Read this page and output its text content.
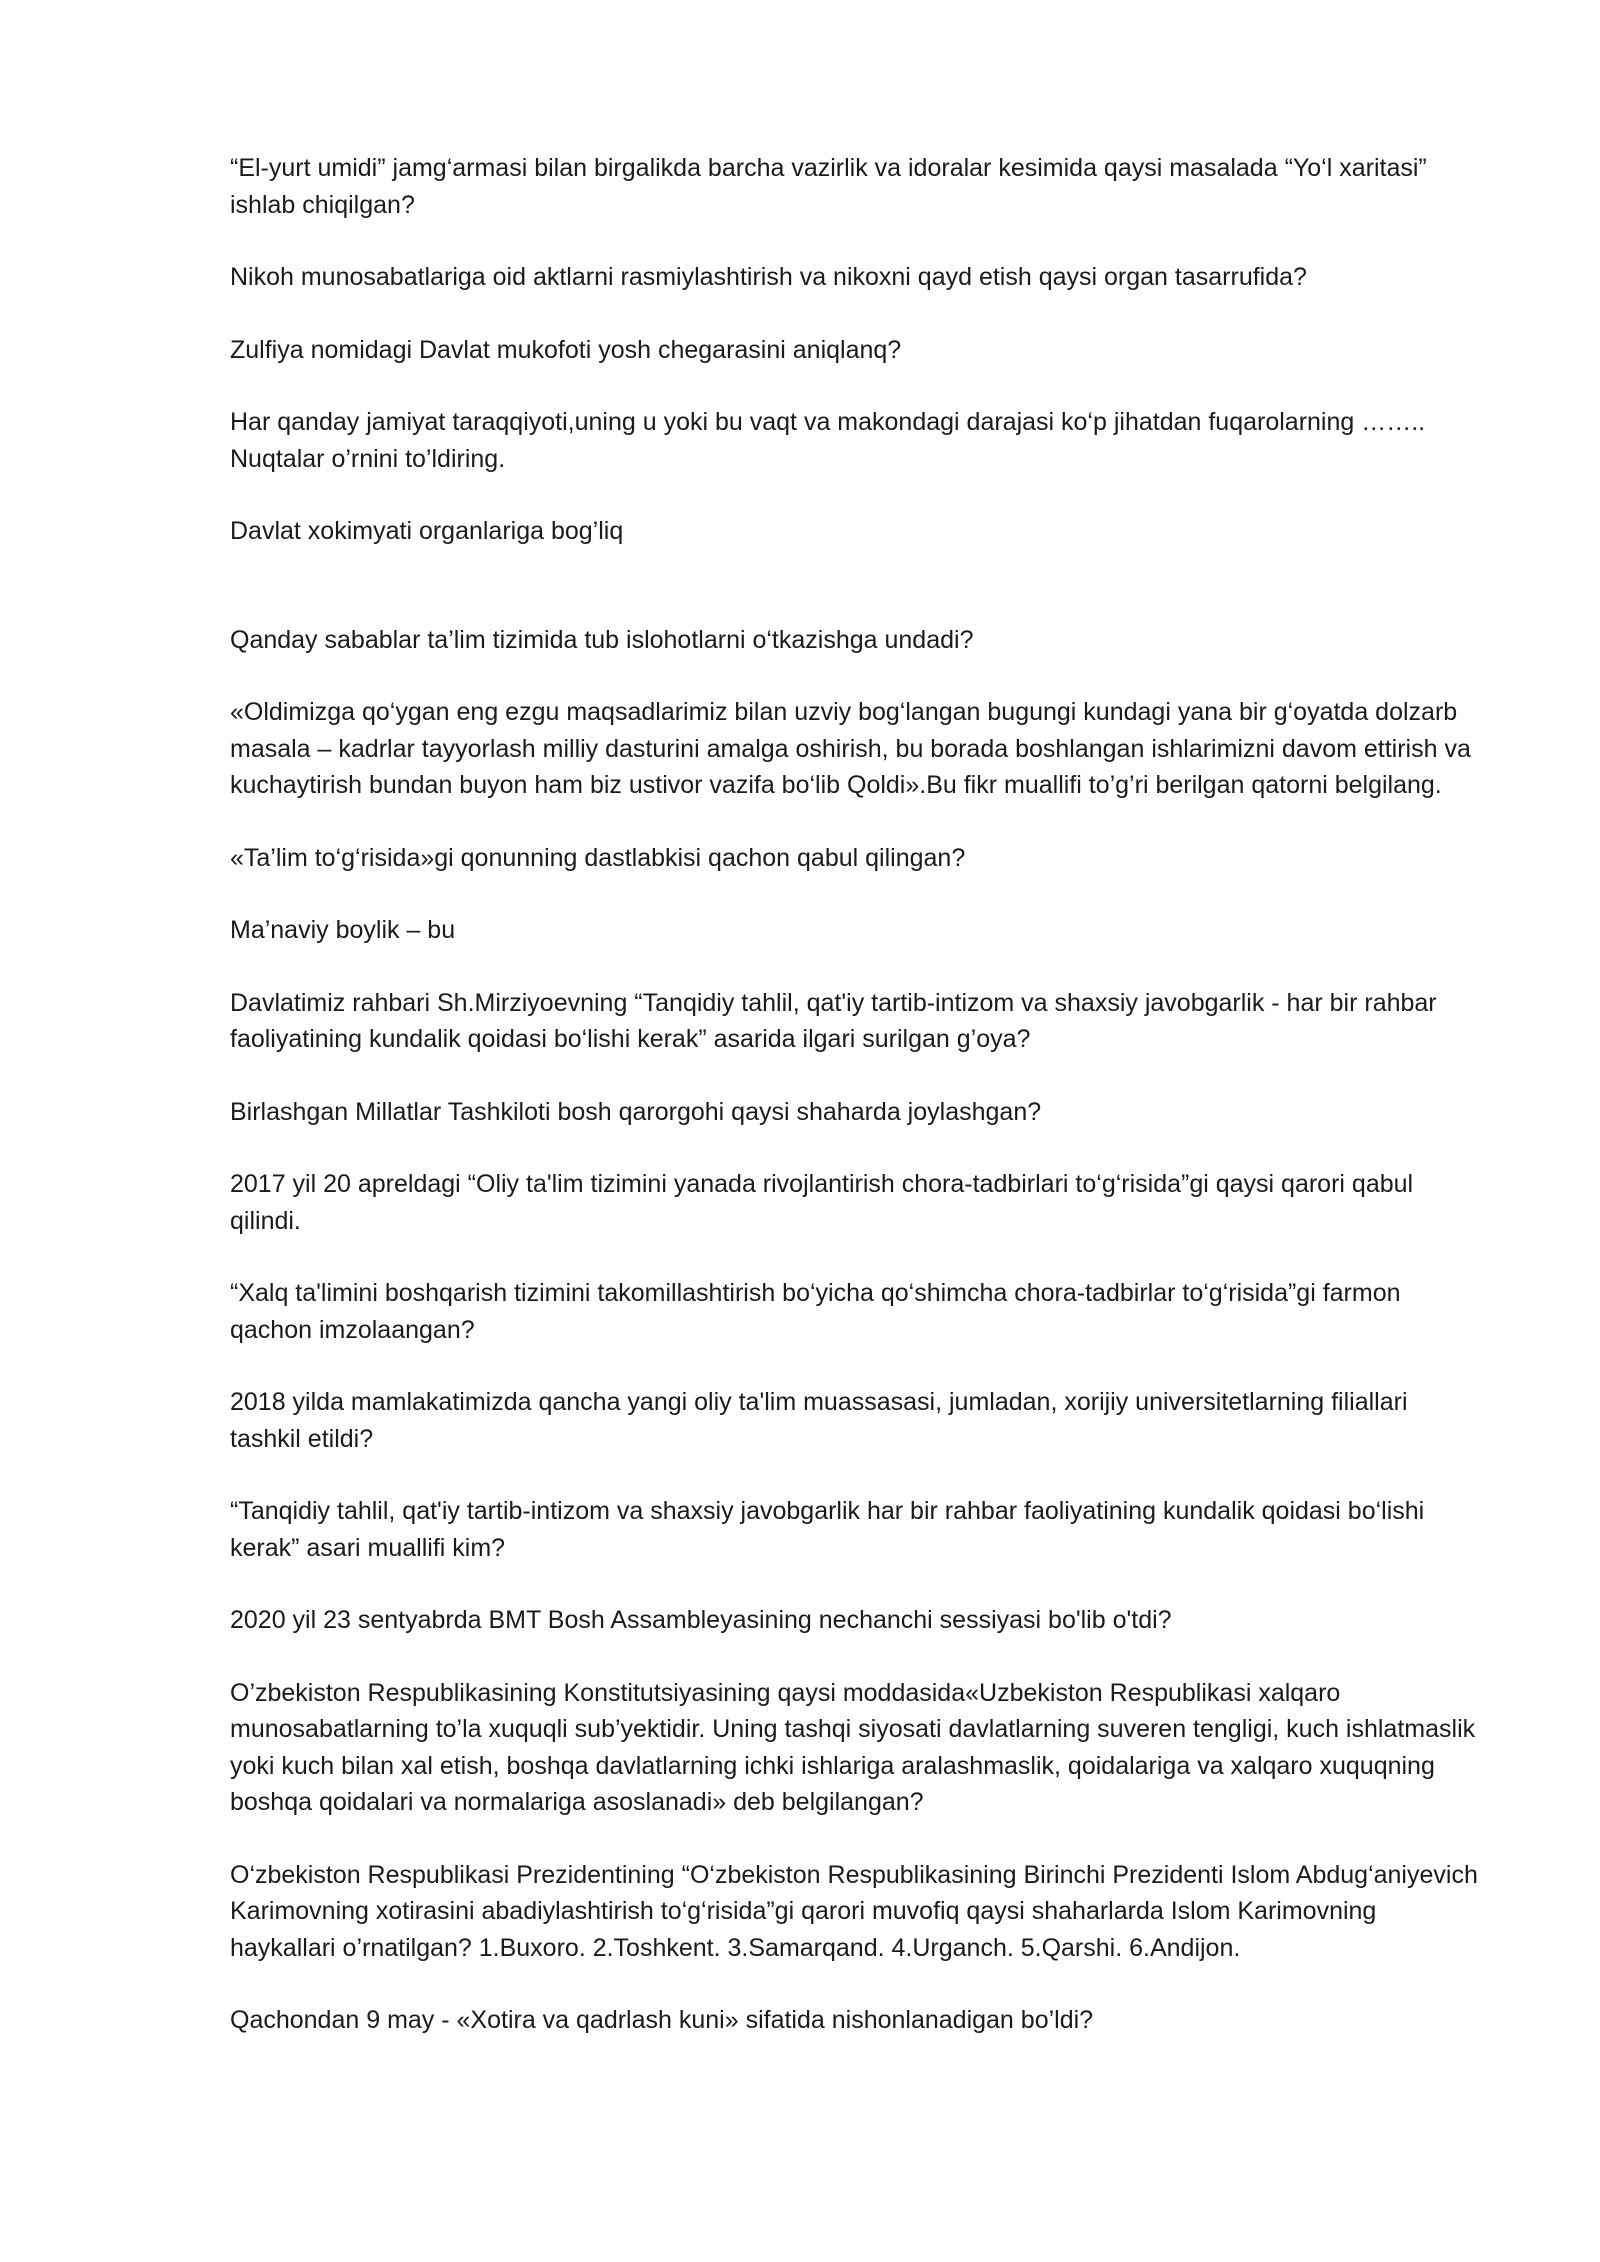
“El-yurt umidi” jamg‘armasi bilan birgalikda barcha vazirlik va idoralar kesimida qaysi masalada “Yo‘l xaritasi” ishlab chiqilgan?

Nikoh munosabatlariga oid aktlarni rasmiylashtirish va nikoxni qayd etish qaysi organ tasarrufida?

Zulfiya nomidagi Davlat mukofoti yosh chegarasini aniqlanq?

Har qanday jamiyat taraqqiyoti,uning u yoki bu vaqt va makondagi darajasi ko‘p jihatdan fuqarolarning …….. Nuqtalar o’rnini to’ldiring.

Davlat xokimyati organlariga bog’liq

Qanday sabablar ta’lim tizimida tub islohotlarni o‘tkazishga undadi?

«Oldimizga qo‘ygan eng ezgu maqsadlarimiz bilan uzviy bog‘langan bugungi kundagi yana bir g‘oyatda dolzarb masala – kadrlar tayyorlash milliy dasturini amalga oshirish, bu borada boshlangan ishlarimizni davom ettirish va kuchaytirish bundan buyon ham biz ustivor vazifa bo‘lib Qoldi».Bu fikr muallifi to’g’ri berilgan qatorni belgilang.

«Ta’lim to‘g‘risida»gi qonunning dastlabkisi qachon qabul qilingan?

Ma’naviy boylik – bu

Davlatimiz rahbari Sh.Mirziyoevning “Tanqidiy tahlil, qat'iy tartib-intizom va shaxsiy javobgarlik - har bir rahbar faoliyatining kundalik qoidasi bo‘lishi kerak” asarida ilgari surilgan g’oya?

Birlashgan Millatlar Tashkiloti bosh qarorgohi qaysi shaharda joylashgan?

2017 yil 20 apreldagi “Oliy ta'lim tizimini yanada rivojlantirish chora-tadbirlari to‘g‘risida”gi qaysi qarori qabul qilindi.

“Xalq ta'limini boshqarish tizimini takomillashtirish bo‘yicha qo‘shimcha chora-tadbirlar to‘g‘risida”gi farmon qachon imzolaangan?

2018 yilda mamlakatimizda qancha yangi oliy ta'lim muassasasi, jumladan, xorijiy universitetlarning filiallari tashkil etildi?

“Tanqidiy tahlil, qat'iy tartib-intizom va shaxsiy javobgarlik har bir rahbar faoliyatining kundalik qoidasi bo‘lishi kerak” asari muallifi kim?

2020 yil 23 sentyabrda BMT Bosh Assambleyasining nechanchi sessiyasi bo'lib o'tdi?

O’zbekiston Respublikasining Konstitutsiyasining qaysi moddasida«Uzbekiston Respublikasi xalqaro munosabatlarning to’la xuquqli sub’yektidir. Uning tashqi siyosati davlatlarning suveren tengligi, kuch ishlatmaslik yoki kuch bilan xal etish, boshqa davlatlarning ichki ishlariga aralashmaslik, qoidalariga va xalqaro xuquqning boshqa qoidalari va normalariga asoslanadi» deb belgilangan?

O‘zbekiston Respublikasi Prezidentining “O‘zbekiston Respublikasining Birinchi Prezidenti Islom Abdug‘aniyevich Karimovning xotirasini abadiylashtirish to‘g‘risida”gi qarori muvofiq qaysi shaharlarda Islom Karimovning haykallari o’rnatilgan? 1.Buxoro. 2.Toshkent. 3.Samarqand. 4.Urganch. 5.Qarshi. 6.Andijon.

Qachondan 9 may - «Xotira va qadrlash kuni» sifatida nishonlanadigan bo’ldi?
